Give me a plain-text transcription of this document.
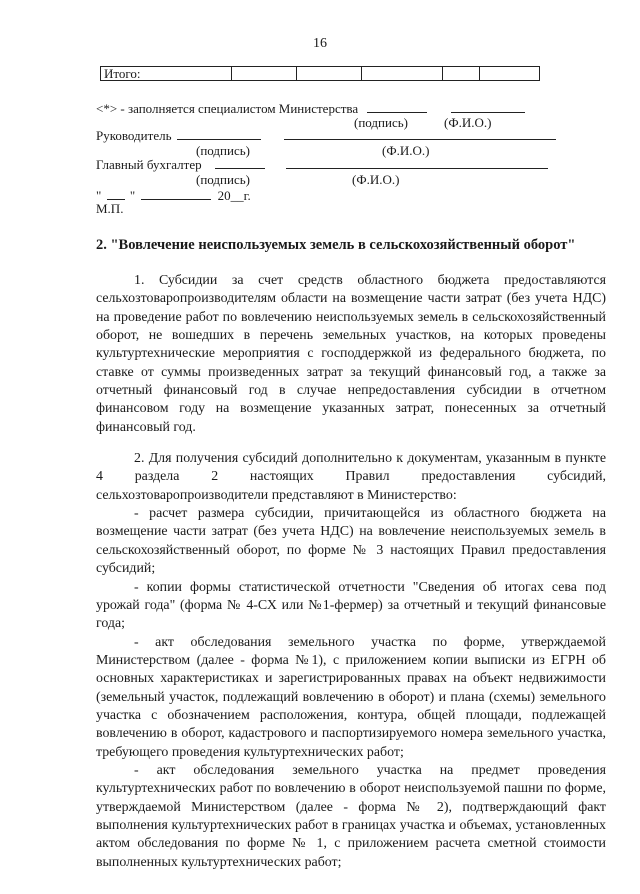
16
Итого:					
<*> - заполняется специалистом Министерства
(подпись)	(Ф.И.О.)
Руководитель
(подпись)	(Ф.И.О.)
Главный бухгалтер
(подпись)	(Ф.И.О.)
" "	20__г.
М.П.
2. "Вовлечение неиспользуемых земель в сельскохозяйственный оборот"

1. Субсидии за счет средств областного бюджета предоставляются сельхозтоваропроизводителям области на возмещение части затрат (без учета НДС) на проведение работ по вовлечению неиспользуемых земель в сельскохозяйственный оборот, не вошедших в перечень земельных участков, на которых проведены культуртехнические мероприятия с господдержкой из федерального бюджета, по ставке от суммы произведенных затрат за текущий финансовый год, а также за отчетный финансовый год в случае непредоставления субсидии в отчетном финансовом году на возмещение указанных затрат, понесенных за отчетный финансовый год.

2. Для получения субсидий дополнительно к документам, указанным в пункте 4 раздела 2 настоящих Правил предоставления субсидий, сельхозтоваропроизводители представляют в Министерство:

- расчет размера субсидии, причитающейся из областного бюджета на возмещение части затрат (без учета НДС) на вовлечение неиспользуемых земель в сельскохозяйственный оборот, по форме № 3 настоящих Правил предоставления субсидий;

- копии формы статистической отчетности "Сведения об итогах сева под урожай года" (форма № 4-СХ или №1-фермер) за отчетный и текущий финансовые года;

- акт обследования земельного участка по форме, утверждаемой Министерством (далее - форма №1), с приложением копии выписки из ЕГРН об основных характеристиках и зарегистрированных правах на объект недвижимости (земельный участок, подлежащий вовлечению в оборот) и плана (схемы) земельного участка с обозначением расположения, контура, общей площади, подлежащей вовлечению в оборот, кадастрового и паспортизируемого номера земельного участка, требующего проведения культуртехнических работ;

- акт обследования земельного участка на предмет проведения культуртехнических работ по вовлечению в оборот неиспользуемой пашни по форме, утверждаемой Министерством (далее - форма № 2), подтверждающий факт выполнения культуртехнических работ в границах участка и объемах, установленных актом обследования по форме № 1, с приложением расчета сметной стоимости выполненных культуртехнических работ;
